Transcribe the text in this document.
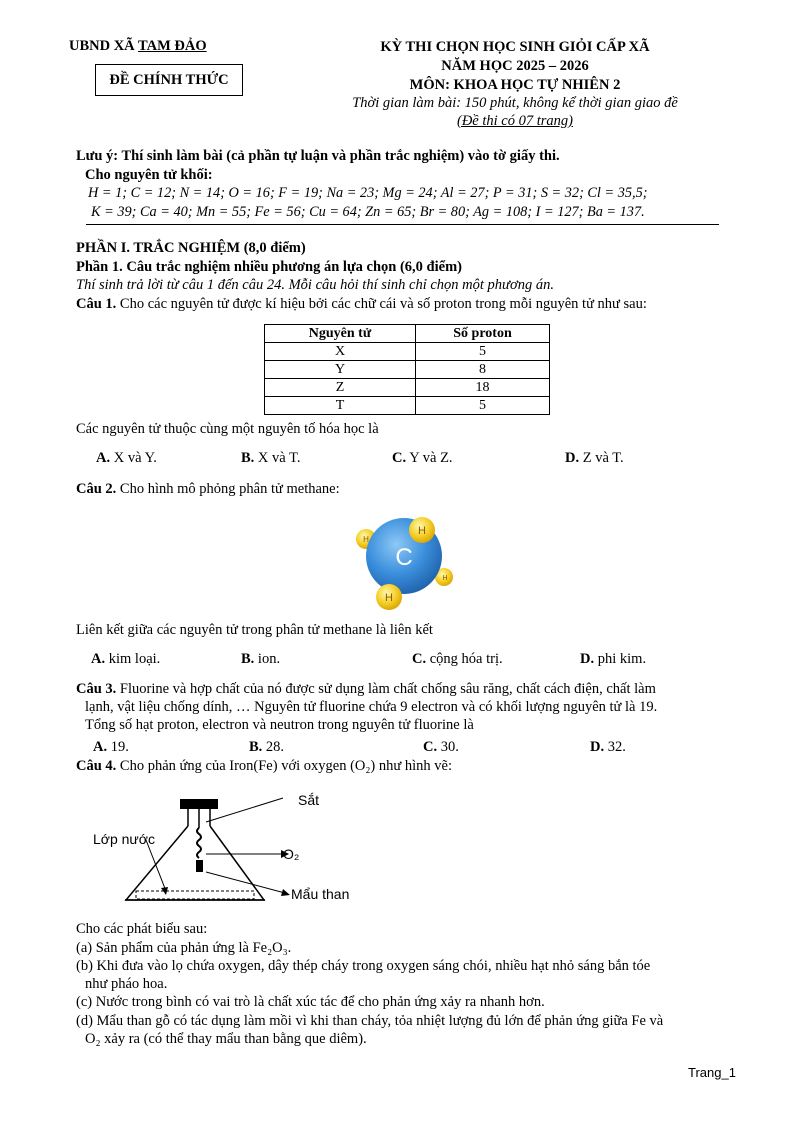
UBND XÃ TAM ĐẢO
ĐỀ CHÍNH THỨC
KỲ THI CHỌN HỌC SINH GIỎI CẤP XÃ
NĂM HỌC 2025 – 2026
MÔN: KHOA HỌC TỰ NHIÊN 2
Thời gian làm bài: 150 phút, không kể thời gian giao đề
(Đề thi có 07 trang)
Lưu ý: Thí sinh làm bài (cả phần tự luận và phần trắc nghiệm) vào tờ giấy thi.
Cho nguyên tử khối:
H = 1; C = 12; N = 14; O = 16; F = 19; Na = 23; Mg = 24; Al = 27; P = 31; S = 32; Cl = 35,5;
K = 39; Ca = 40; Mn = 55; Fe = 56; Cu = 64; Zn = 65; Br = 80; Ag = 108; I = 127; Ba = 137.
PHẦN I. TRẮC NGHIỆM (8,0 điểm)
Phần 1. Câu trắc nghiệm nhiều phương án lựa chọn (6,0 điểm)
Thí sinh trả lời từ câu 1 đến câu 24. Mỗi câu hỏi thí sinh chỉ chọn một phương án.
Câu 1. Cho các nguyên tử được kí hiệu bởi các chữ cái và số proton trong mỗi nguyên tử như sau:
Nguyên tử	Số proton
X	5
Y	8
Z	18
T	5
Các nguyên tử thuộc cùng một nguyên tố hóa học là
A. X và Y.	B. X và T.	C. Y và Z.	D. Z và T.
Câu 2. Cho hình mô phỏng phân tử methane:
C
H
H
H
H
Liên kết giữa các nguyên tử trong phân tử methane là liên kết
A. kim loại.	B. ion.	C. cộng hóa trị.	D. phi kim.
Câu 3. Fluorine và hợp chất của nó được sử dụng làm chất chống sâu răng, chất cách điện, chất làm
lạnh, vật liệu chống dính, … Nguyên tử fluorine chứa 9 electron và có khối lượng nguyên tử là 19.
Tổng số hạt proton, electron và neutron trong nguyên tử fluorine là
A. 19.	B. 28.	C. 30.	D. 32.
Câu 4. Cho phản ứng của Iron(Fe) với oxygen (O₂) như hình vẽ:
Sắt
Lớp nước
O₂
Mẩu than
Cho các phát biểu sau:
(a) Sản phẩm của phản ứng là Fe₂O₃.
(b) Khi đưa vào lọ chứa oxygen, dây thép cháy trong oxygen sáng chói, nhiều hạt nhỏ sáng bắn tóe
như pháo hoa.
(c) Nước trong bình có vai trò là chất xúc tác để cho phản ứng xảy ra nhanh hơn.
(d) Mẩu than gỗ có tác dụng làm mồi vì khi than cháy, tỏa nhiệt lượng đủ lớn để phản ứng giữa Fe và
O₂ xảy ra (có thể thay mẩu than bằng que diêm).
Trang_1
